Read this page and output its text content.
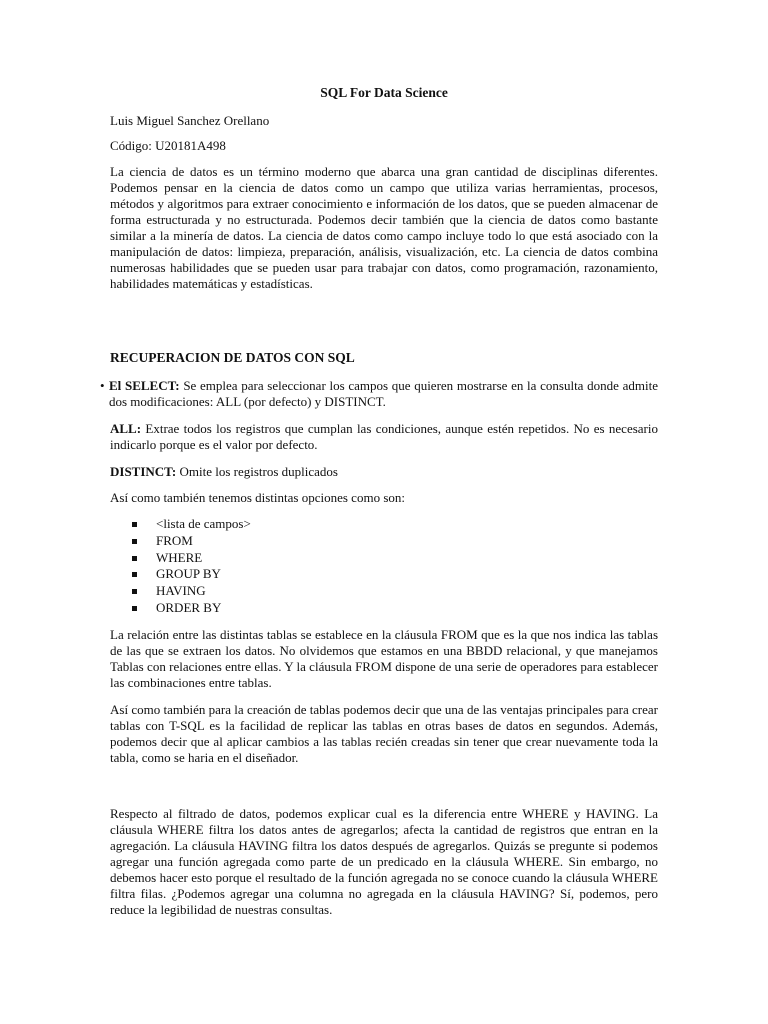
SQL For Data Science
Luis Miguel Sanchez Orellano
Código: U20181A498
La ciencia de datos es un término moderno que abarca una gran cantidad de disciplinas diferentes. Podemos pensar en la ciencia de datos como un campo que utiliza varias herramientas, procesos, métodos y algoritmos para extraer conocimiento e información de los datos, que se pueden almacenar de forma estructurada y no estructurada. Podemos decir también que la ciencia de datos como bastante similar a la minería de datos. La ciencia de datos como campo incluye todo lo que está asociado con la manipulación de datos: limpieza, preparación, análisis, visualización, etc. La ciencia de datos combina numerosas habilidades que se pueden usar para trabajar con datos, como programación, razonamiento, habilidades matemáticas y estadísticas.
RECUPERACION DE DATOS CON SQL
• El SELECT: Se emplea para seleccionar los campos que quieren mostrarse en la consulta donde admite dos modificaciones: ALL (por defecto) y DISTINCT.
ALL: Extrae todos los registros que cumplan las condiciones, aunque estén repetidos. No es necesario indicarlo porque es el valor por defecto.
DISTINCT: Omite los registros duplicados
Así como también tenemos distintas opciones como son:
<lista de campos>
FROM
WHERE
GROUP BY
HAVING
ORDER BY
La relación entre las distintas tablas se establece en la cláusula FROM que es la que nos indica las tablas de las que se extraen los datos. No olvidemos que estamos en una BBDD relacional, y que manejamos Tablas con relaciones entre ellas. Y la cláusula FROM dispone de una serie de operadores para establecer las combinaciones entre tablas.
Así como también para la creación de tablas podemos decir que una de las ventajas principales para crear tablas con T-SQL es la facilidad de replicar las tablas en otras bases de datos en segundos. Además, podemos decir que al aplicar cambios a las tablas recién creadas sin tener que crear nuevamente toda la tabla, como se haria en el diseñador.
Respecto al filtrado de datos, podemos explicar cual es la diferencia entre WHERE y HAVING. La cláusula WHERE filtra los datos antes de agregarlos; afecta la cantidad de registros que entran en la agregación. La cláusula HAVING filtra los datos después de agregarlos. Quizás se pregunte si podemos agregar una función agregada como parte de un predicado en la cláusula WHERE. Sin embargo, no debemos hacer esto porque el resultado de la función agregada no se conoce cuando la cláusula WHERE filtra filas. ¿Podemos agregar una columna no agregada en la cláusula HAVING? Sí, podemos, pero reduce la legibilidad de nuestras consultas.
